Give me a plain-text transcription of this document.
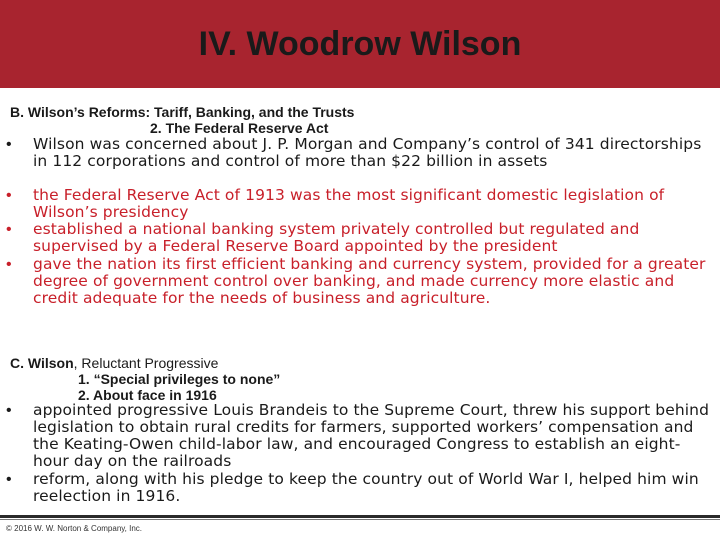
IV. Woodrow Wilson
B. Wilson’s Reforms: Tariff, Banking, and the Trusts
2. The Federal Reserve Act
•	Wilson was concerned about J. P. Morgan and Company’s control of 341 directorships in 112 corporations and control of more than $22 billion in assets
•	the Federal Reserve Act of 1913 was the most significant domestic legislation of Wilson’s presidency
•	established a national banking system privately controlled but regulated and supervised by a Federal Reserve Board appointed by the president
•	gave the nation its first efficient banking and currency system, provided for a greater degree of government control over banking, and made currency more elastic and credit adequate for the needs of business and agriculture.
C. Wilson, Reluctant Progressive
1. “Special privileges to none”
2. About face in 1916
•	appointed progressive Louis Brandeis to the Supreme Court, threw his support behind legislation to obtain rural credits for farmers, supported workers’ compensation and the Keating-Owen child-labor law, and encouraged Congress to establish an eight-hour day on the railroads
•	reform, along with his pledge to keep the country out of World War I, helped him win reelection in 1916.
© 2016 W. W. Norton & Company, Inc.
